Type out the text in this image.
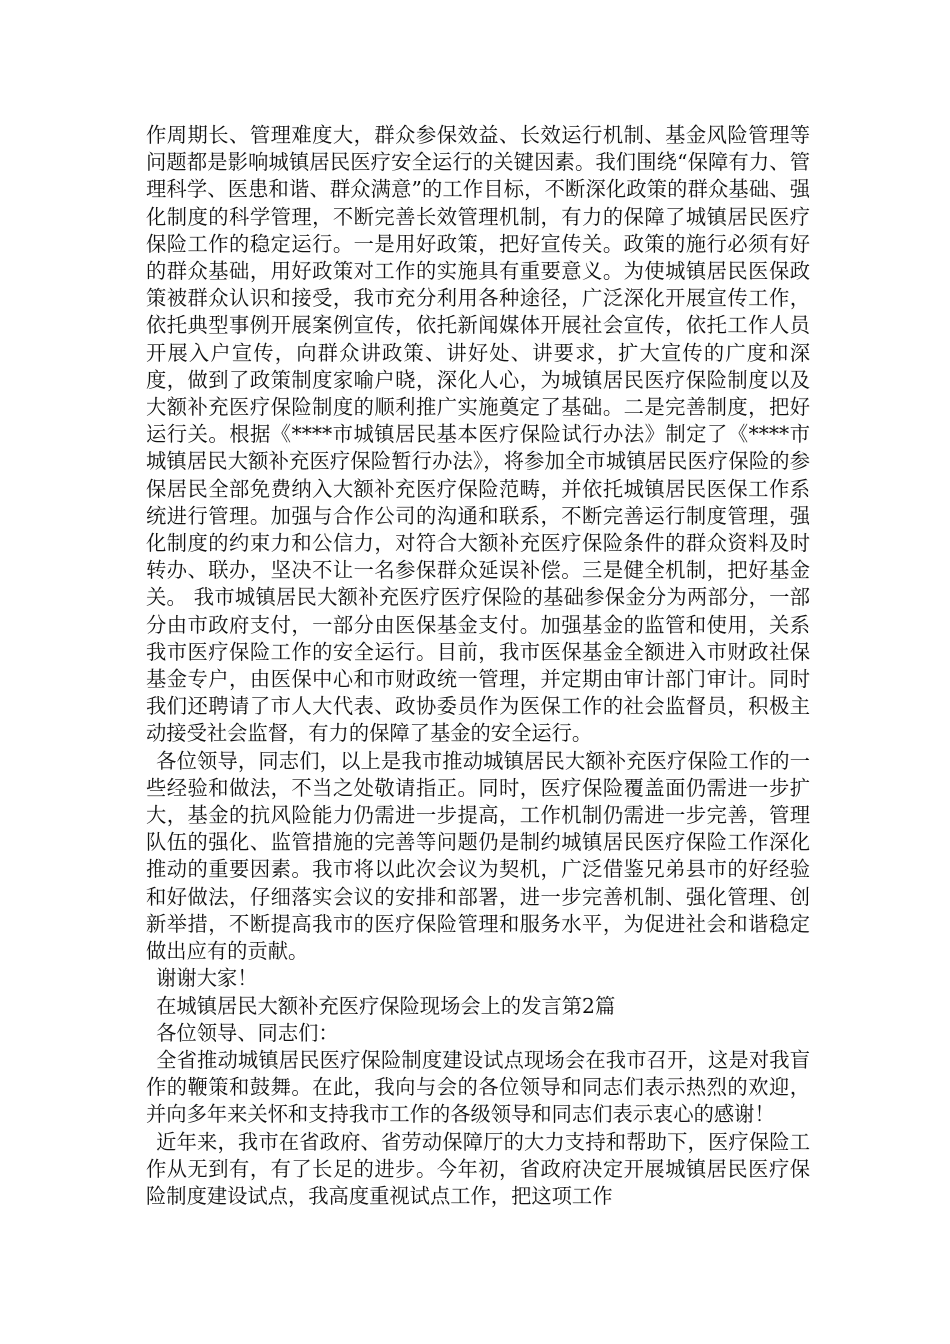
作周期长、管理难度大，群众参保效益、长效运行机制、基金风险管理等问题都是影响城镇居民医疗安全运行的关键因素。我们围绕“保障有力、管理科学、医患和谐、群众满意”的工作目标，不断深化政策的群众基础、强化制度的科学管理，不断完善长效管理机制，有力的保障了城镇居民医疗保险工作的稳定运行。一是用好政策，把好宣传关。政策的施行必须有好的群众基础，用好政策对工作的实施具有重要意义。为使城镇居民医保政策被群众认识和接受，我市充分利用各种途径，广泛深化开展宣传工作，依托典型事例开展案例宣传，依托新闻媒体开展社会宣传，依托工作人员开展入户宣传，向群众讲政策、讲好处、讲要求，扩大宣传的广度和深度，做到了政策制度家喻户晓，深化人心，为城镇居民医疗保险制度以及大额补充医疗保险制度的顺利推广实施奠定了基础。二是完善制度，把好运行关。根据《****市城镇居民基本医疗保险试行办法》制定了《****市城镇居民大额补充医疗保险暂行办法》，将参加全市城镇居民医疗保险的参保居民全部免费纳入大额补充医疗保险范畴，并依托城镇居民医保工作系统进行管理。加强与合作公司的沟通和联系，不断完善运行制度管理，强化制度的约束力和公信力，对符合大额补充医疗保险条件的群众资料及时转办、联办，坚决不让一名参保群众延误补偿。三是健全机制，把好基金关。 我市城镇居民大额补充医疗医疗保险的基础参保金分为两部分，一部分由市政府支付，一部分由医保基金支付。加强基金的监管和使用，关系我市医疗保险工作的安全运行。目前，我市医保基金全额进入市财政社保基金专户，由医保中心和市财政统一管理，并定期由审计部门审计。同时我们还聘请了市人大代表、政协委员作为医保工作的社会监督员，积极主动接受社会监督，有力的保障了基金的安全运行。

各位领导，同志们，以上是我市推动城镇居民大额补充医疗保险工作的一些经验和做法，不当之处敬请指正。同时，医疗保险覆盖面仍需进一步扩大，基金的抗风险能力仍需进一步提高，工作机制仍需进一步完善，管理队伍的强化、监管措施的完善等问题仍是制约城镇居民医疗保险工作深化推动的重要因素。我市将以此次会议为契机，广泛借鉴兄弟县市的好经验和好做法，仔细落实会议的安排和部署，进一步完善机制、强化管理、创新举措，不断提高我市的医疗保险管理和服务水平，为促进社会和谐稳定做出应有的贡献。

谢谢大家！

在城镇居民大额补充医疗保险现场会上的发言第2篇

各位领导、同志们：

全省推动城镇居民医疗保险制度建设试点现场会在我市召开，这是对我盲作的鞭策和鼓舞。在此，我向与会的各位领导和同志们表示热烈的欢迎，并向多年来关怀和支持我市工作的各级领导和同志们表示衷心的感谢！

近年来，我市在省政府、省劳动保障厅的大力支持和帮助下，医疗保险工作从无到有，有了长足的进步。今年初，省政府决定开展城镇居民医疗保险制度建设试点，我高度重视试点工作，把这项工作
